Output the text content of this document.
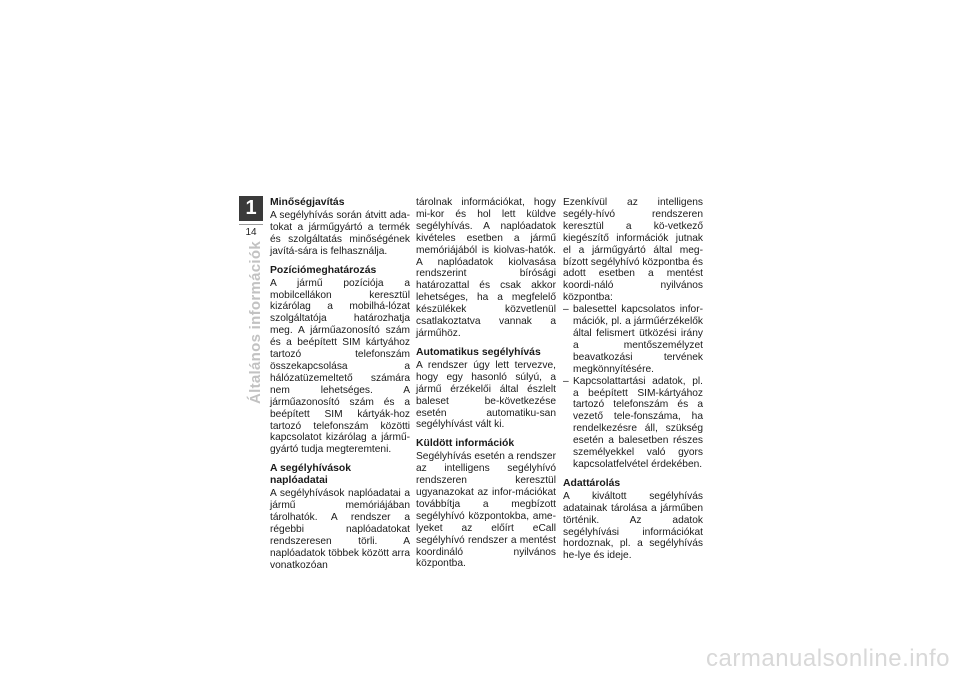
1
14
Általános információk
Minőségjavítás

A segélyhívás során átvitt ada-tokat a járműgyártó a termék és szolgáltatás minőségének javítá-sára is felhasználja.

Pozíciómeghatározás

A jármű pozíciója a mobilcellákon keresztül kizárólag a mobilhá-lózat szolgáltatója határozhatja meg. A járműazonosító szám és a beépített SIM kártyához tartozó telefonszám összekapcsolása a hálózatüzemeltető számára nem lehetséges. A járműazonosító szám és a beépített SIM kártyák-hoz tartozó telefonszám közötti kapcsolatot kizárólag a jármű-gyártó tudja megteremteni.

A segélyhívások naplóadatai

A segélyhívások naplóadatai a jármű memóriájában tárolhatók. A rendszer a régebbi naplóadatokat rendszeresen törli. A naplóadatok többek között arra vonatkozóan

tárolnak információkat, hogy mi-kor és hol lett küldve segélyhívás. A naplóadatok kivételes esetben a jármű memóriájából is kiolvas-hatók. A naplóadatok kiolvasása rendszerint bírósági határozattal és csak akkor lehetséges, ha a megfelelő készülékek közvetlenül csatlakoztatva vannak a járműhöz.

Automatikus segélyhívás

A rendszer úgy lett tervezve, hogy egy hasonló súlyú, a jármű érzékelői által észlelt baleset be-következése esetén automatiku-san segélyhívást vált ki.

Küldött információk

Segélyhívás esetén a rendszer az intelligens segélyhívó rendszeren keresztül ugyanazokat az infor-mációkat továbbítja a megbízott segélyhívó központokba, ame-lyeket az előírt eCall segélyhívó rendszer a mentést koordináló nyilvános központba.

Ezenkívül az intelligens segély-hívó rendszeren keresztül a kö-vetkező kiegészítő információk jutnak el a járműgyártó által meg-bízott segélyhívó központba és adott esetben a mentést koordi-náló nyilvános központba:

– balesettel kapcsolatos infor-mációk, pl. a járműérzékelők által felismert ütközési irány a mentőszemélyzet beavatkozási tervének megkönnyítésére.
– Kapcsolattartási adatok, pl. a beépített SIM-kártyához tartozó telefonszám és a vezető tele-fonszáma, ha rendelkezésre áll, szükség esetén a balesetben részes személyekkel való gyors kapcsolatfelvétel érdekében.
Adattárolás

A kiváltott segélyhívás adatainak tárolása a járműben történik. Az adatok segélyhívási információkat hordoznak, pl. a segélyhívás he-lye és ideje.

carmanualsonline.info
